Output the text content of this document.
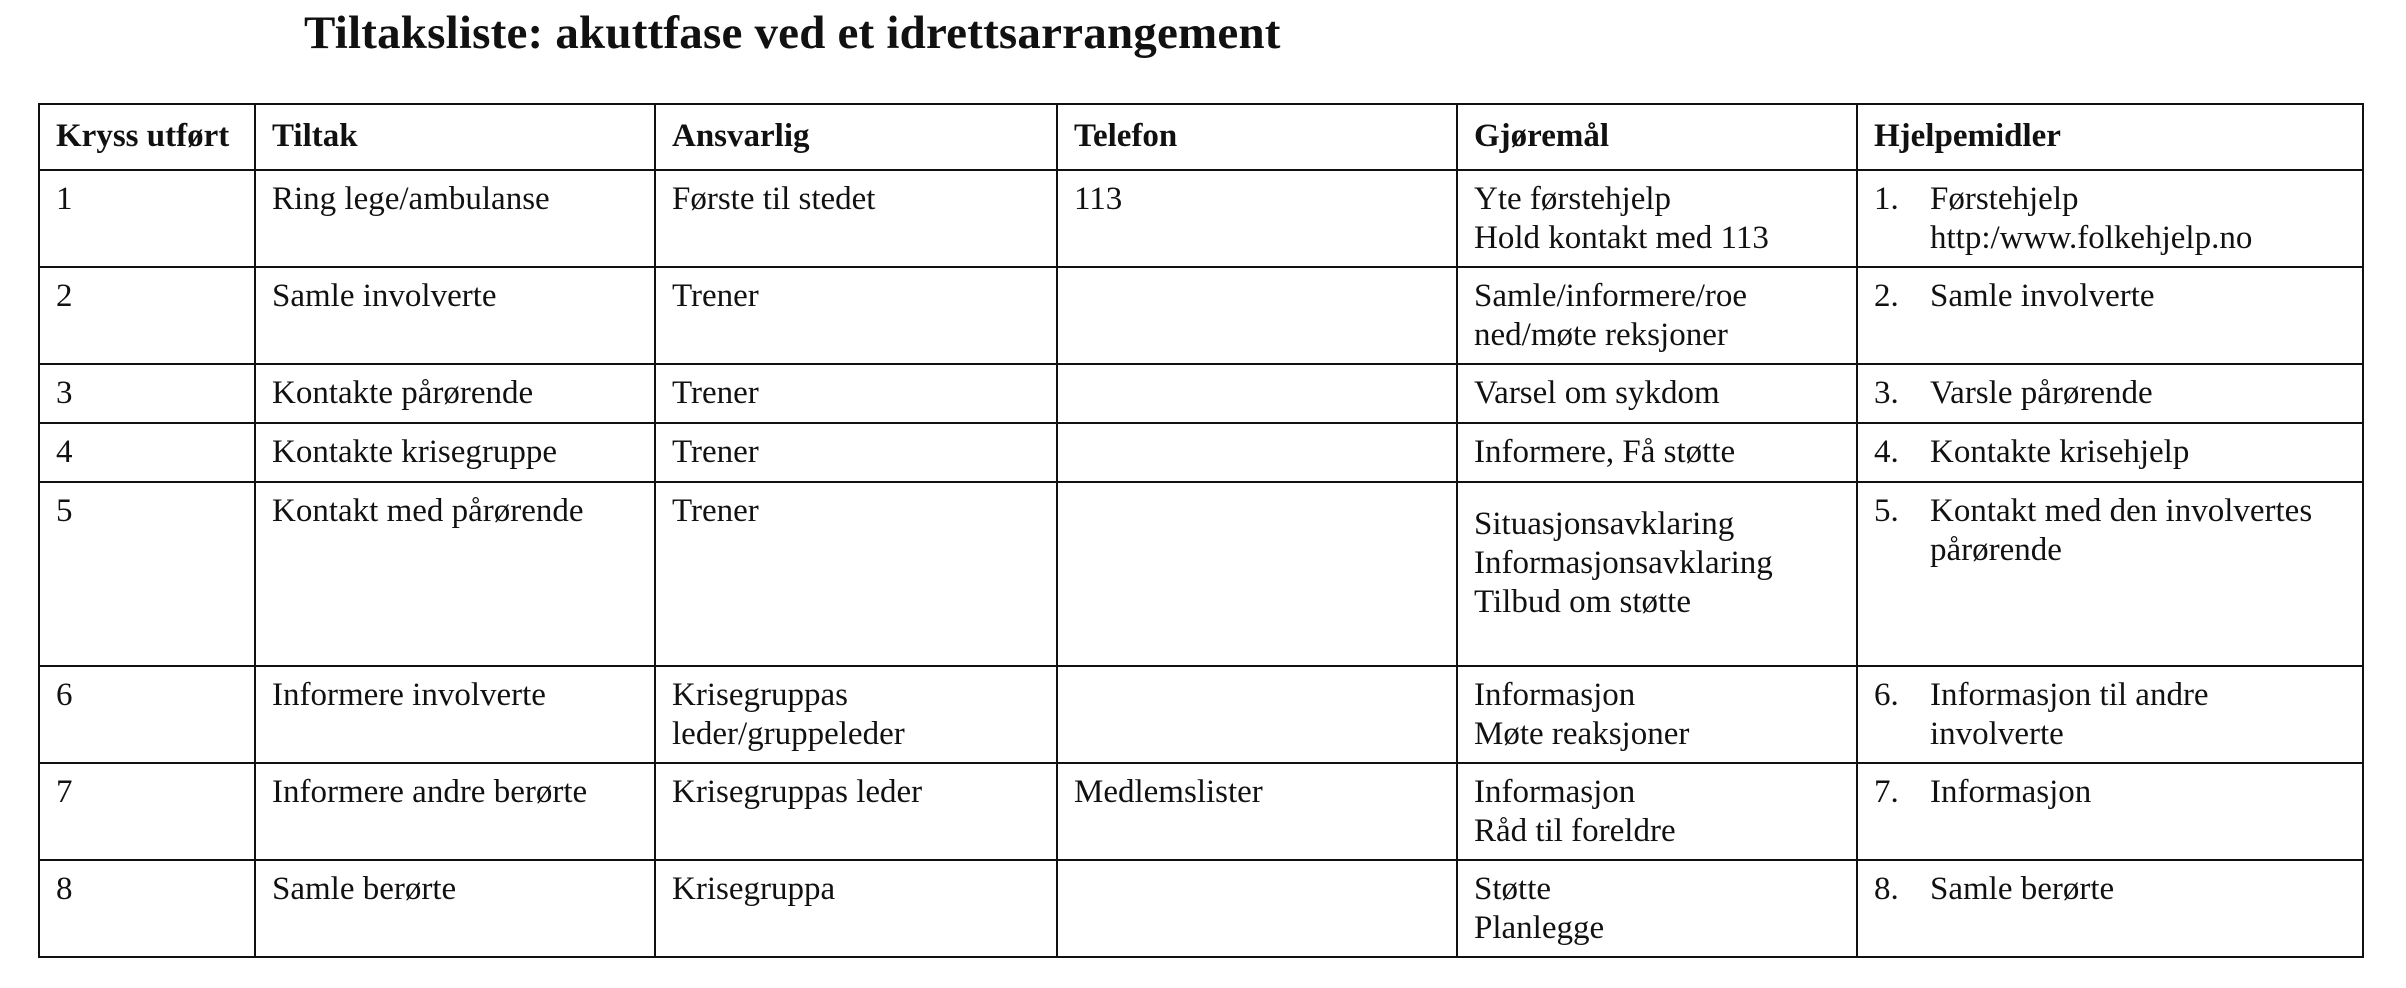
Tiltaksliste: akuttfase ved et idrettsarrangement
Kryss utført	Tiltak	Ansvarlig	Telefon	Gjøremål	Hjelpemidler
1	Ring lege/ambulanse	Første til stedet	113	Yte førstehjelp
Hold kontakt med 113	1. Førstehjelp
http:/www.folkehjelp.no

2	Samle involverte	Trener		Samle/informere/roe
ned/møte reksjoner	2. Samle involverte

3	Kontakte pårørende	Trener		Varsel om sykdom	3. Varsle pårørende

4	Kontakte krisegruppe	Trener		Informere, Få støtte	4. Kontakte krisehjelp

5	Kontakt med pårørende	Trener		Situasjonsavklaring
Informasjonsavklaring
Tilbud om støtte	5. Kontakt med den involvertes
pårørende

6	Informere involverte	Krisegruppas leder/gruppeleder		Informasjon
Møte reaksjoner	6. Informasjon til andre
involverte

7	Informere andre berørte	Krisegruppas leder	Medlemslister	Informasjon
Råd til foreldre	7. Informasjon

8	Samle berørte	Krisegruppa		Støtte
Planlegge	8. Samle berørte
